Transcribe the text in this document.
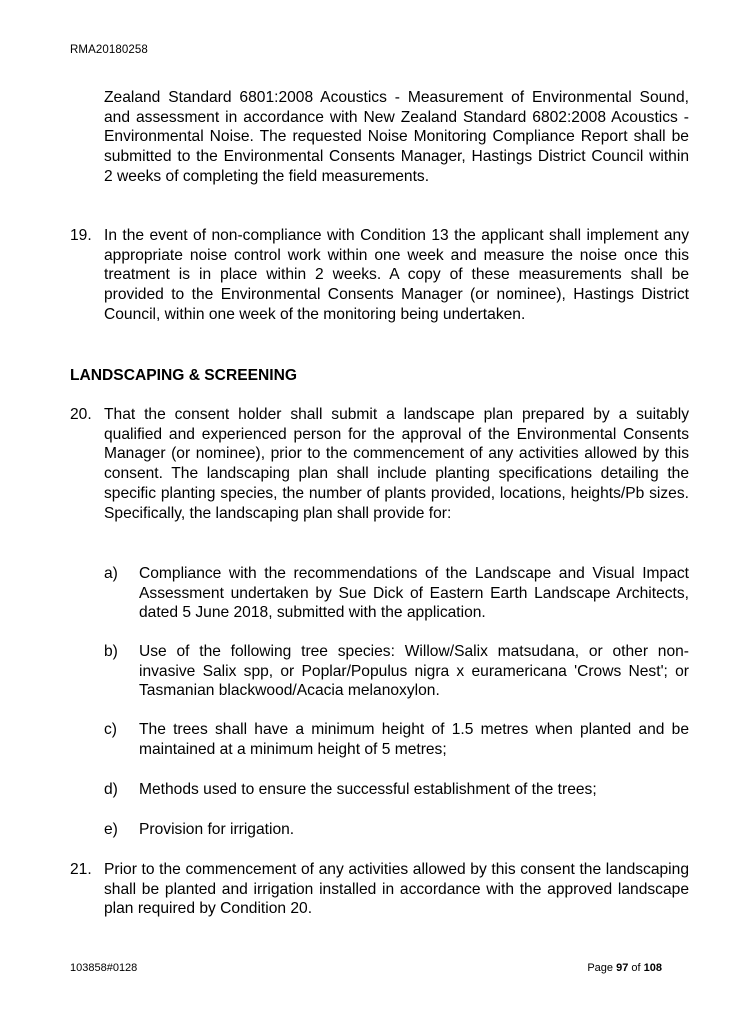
RMA20180258

Zealand Standard 6801:2008 Acoustics - Measurement of Environmental Sound, and assessment in accordance with New Zealand Standard 6802:2008 Acoustics - Environmental Noise. The requested Noise Monitoring Compliance Report shall be submitted to the Environmental Consents Manager, Hastings District Council within 2 weeks of completing the field measurements.

19. In the event of non-compliance with Condition 13 the applicant shall implement any appropriate noise control work within one week and measure the noise once this treatment is in place within 2 weeks. A copy of these measurements shall be provided to the Environmental Consents Manager (or nominee), Hastings District Council, within one week of the monitoring being undertaken.

LANDSCAPING & SCREENING
20. That the consent holder shall submit a landscape plan prepared by a suitably qualified and experienced person for the approval of the Environmental Consents Manager (or nominee), prior to the commencement of any activities allowed by this consent. The landscaping plan shall include planting specifications detailing the specific planting species, the number of plants provided, locations, heights/Pb sizes. Specifically, the landscaping plan shall provide for:

a) Compliance with the recommendations of the Landscape and Visual Impact Assessment undertaken by Sue Dick of Eastern Earth Landscape Architects, dated 5 June 2018, submitted with the application.

b) Use of the following tree species: Willow/Salix matsudana, or other non-invasive Salix spp, or Poplar/Populus nigra x euramericana 'Crows Nest'; or Tasmanian blackwood/Acacia melanoxylon.

c) The trees shall have a minimum height of 1.5 metres when planted and be maintained at a minimum height of 5 metres;

d) Methods used to ensure the successful establishment of the trees;

e) Provision for irrigation.

21. Prior to the commencement of any activities allowed by this consent the landscaping shall be planted and irrigation installed in accordance with the approved landscape plan required by Condition 20.

103858#0128	Page 97 of 108
